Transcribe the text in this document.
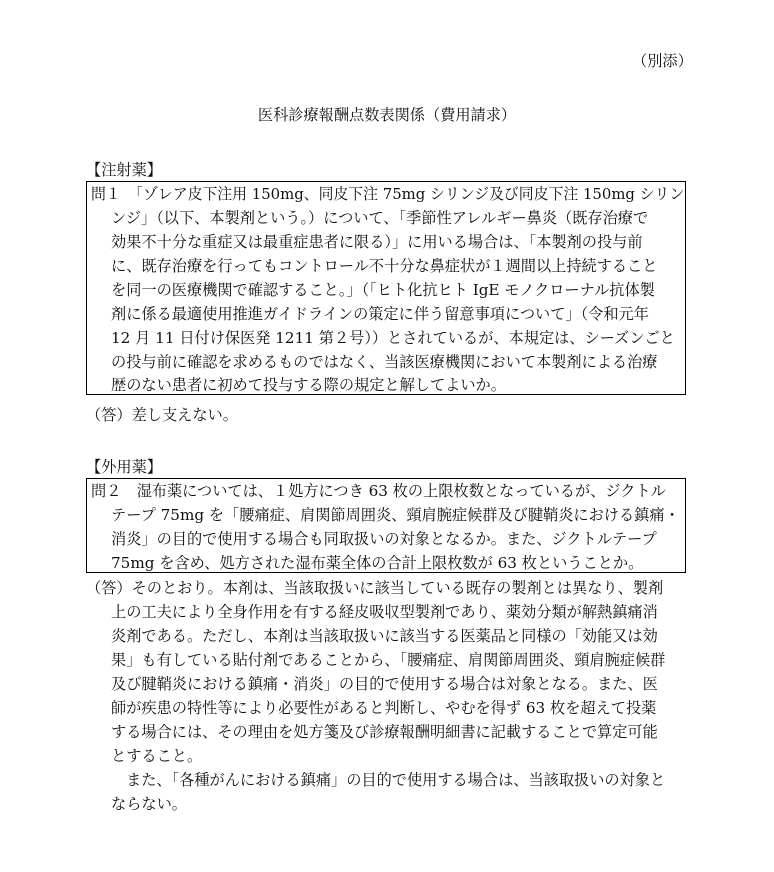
（別添）
医科診療報酬点数表関係（費用請求）
【注射薬】
問１　「ゾレア皮下注用 150mg、同皮下注 75mg シリンジ及び同皮下注 150mg シリン
ンジ」（以下、本製剤という。）について、「季節性アレルギー鼻炎（既存治療で
効果不十分な重症又は最重症患者に限る）」に用いる場合は、「本製剤の投与前
に、既存治療を行ってもコントロール不十分な鼻症状が１週間以上持続すること
を同一の医療機関で確認すること。」（「ヒト化抗ヒト IgE モノクローナル抗体製
剤に係る最適使用推進ガイドラインの策定に伴う留意事項について」（令和元年
12 月 11 日付け保医発 1211 第２号））とされているが、本規定は、シーズンごと
の投与前に確認を求めるものではなく、当該医療機関において本製剤による治療
歴のない患者に初めて投与する際の規定と解してよいか。
（答）差し支えない。
【外用薬】
問２　湿布薬については、１処方につき 63 枚の上限枚数となっているが、ジクトル
テープ 75mg を「腰痛症、肩関節周囲炎、頸肩腕症候群及び腱鞘炎における鎮痛・
消炎」の目的で使用する場合も同取扱いの対象となるか。また、ジクトルテープ
75mg を含め、処方された湿布薬全体の合計上限枚数が 63 枚ということか。
（答）そのとおり。本剤は、当該取扱いに該当している既存の製剤とは異なり、製剤
上の工夫により全身作用を有する経皮吸収型製剤であり、薬効分類が解熱鎮痛消
炎剤である。ただし、本剤は当該取扱いに該当する医薬品と同様の「効能又は効
果」も有している貼付剤であることから、「腰痛症、肩関節周囲炎、頸肩腕症候群
及び腱鞘炎における鎮痛・消炎」の目的で使用する場合は対象となる。また、医
師が疾患の特性等により必要性があると判断し、やむを得ず 63 枚を超えて投薬
する場合には、その理由を処方箋及び診療報酬明細書に記載することで算定可能
とすること。
また、「各種がんにおける鎮痛」の目的で使用する場合は、当該取扱いの対象と
ならない。
